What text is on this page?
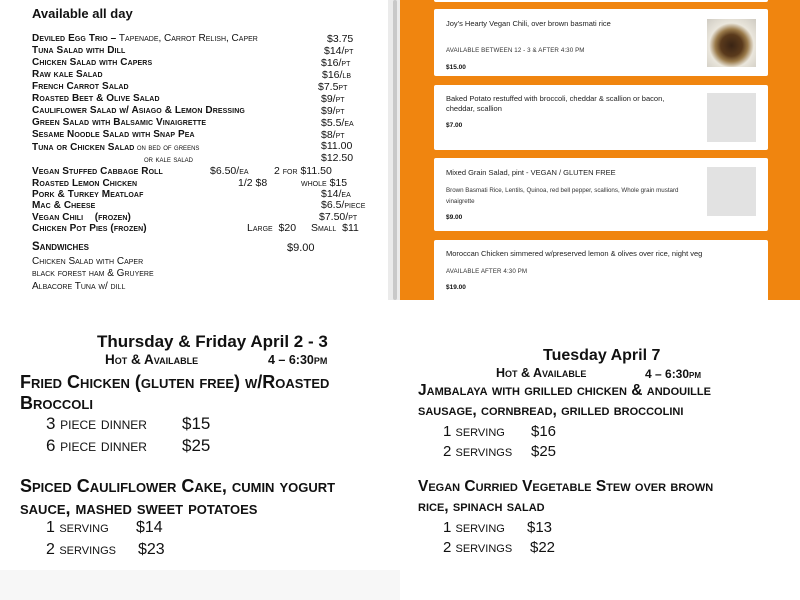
Available all day
Deviled Egg Trio – Tapenade, Carrot Relish, Caper	$3.75
Tuna Salad with Dill	$14/pt
Chicken Salad with Capers	$16/pt
Raw kale Salad	$16/lb
French Carrot Salad	$7.5pt
Roasted Beet & Olive Salad	$9/pt
Cauliflower Salad w/ Asiago & Lemon Dressing	$9/pt
Green Salad with Balsamic Vinaigrette	$5.5/ea
Sesame Noodle Salad with Snap Pea	$8/pt
Tuna or Chicken Salad on bed of greens	$11.00
or kale salad	$12.50
Vegan Stuffed Cabbage Roll	$6.50/ea 2 for $11.50
Roasted Lemon Chicken	1/2 $8	whole $15
Pork & Turkey Meatloaf	$14/ea
Mac & Cheese	$6.5/piece
Vegan Chili    (frozen)	$7.50/pt
Chicken Pot Pies (frozen)	Large  $20 Small  $11
Sandwiches	$9.00
Chicken Salad with Caper
black forest ham & Gruyere
Albacore Tuna w/ dill
Joy's Hearty Vegan Chili, over brown basmati rice
AVAILABLE BETWEEN 12 - 3 & AFTER 4:30 PM
$15.00
Baked Potato restuffed with broccoli, cheddar & scallion or bacon, cheddar, scallion
$7.00
Mixed Grain Salad, pint - VEGAN / GLUTEN FREE
Brown Basmati Rice, Lentils, Quinoa, red bell pepper, scallions, Whole grain mustard vinaigrette
$9.00
Moroccan Chicken simmered w/preserved lemon & olives over rice, night veg
AVAILABLE AFTER 4:30 PM
$19.00
Thursday & Friday April 2 - 3
Hot & Available	4 – 6:30pm
Fried Chicken (gluten free) w/Roasted
Broccoli
3 piece dinner $15
6 piece dinner $25
Spiced Cauliflower Cake, cumin yogurt
sauce, mashed sweet potatoes
1 serving $14
2 servings $23
Tuesday April 7
Hot & Available	4 – 6:30pm
Jambalaya with grilled chicken & andouille
sausage, cornbread, grilled broccolini
1 serving $16
2 servings $25
Vegan Curried Vegetable Stew over brown
rice, spinach salad
1 serving $13
2 servings $22
